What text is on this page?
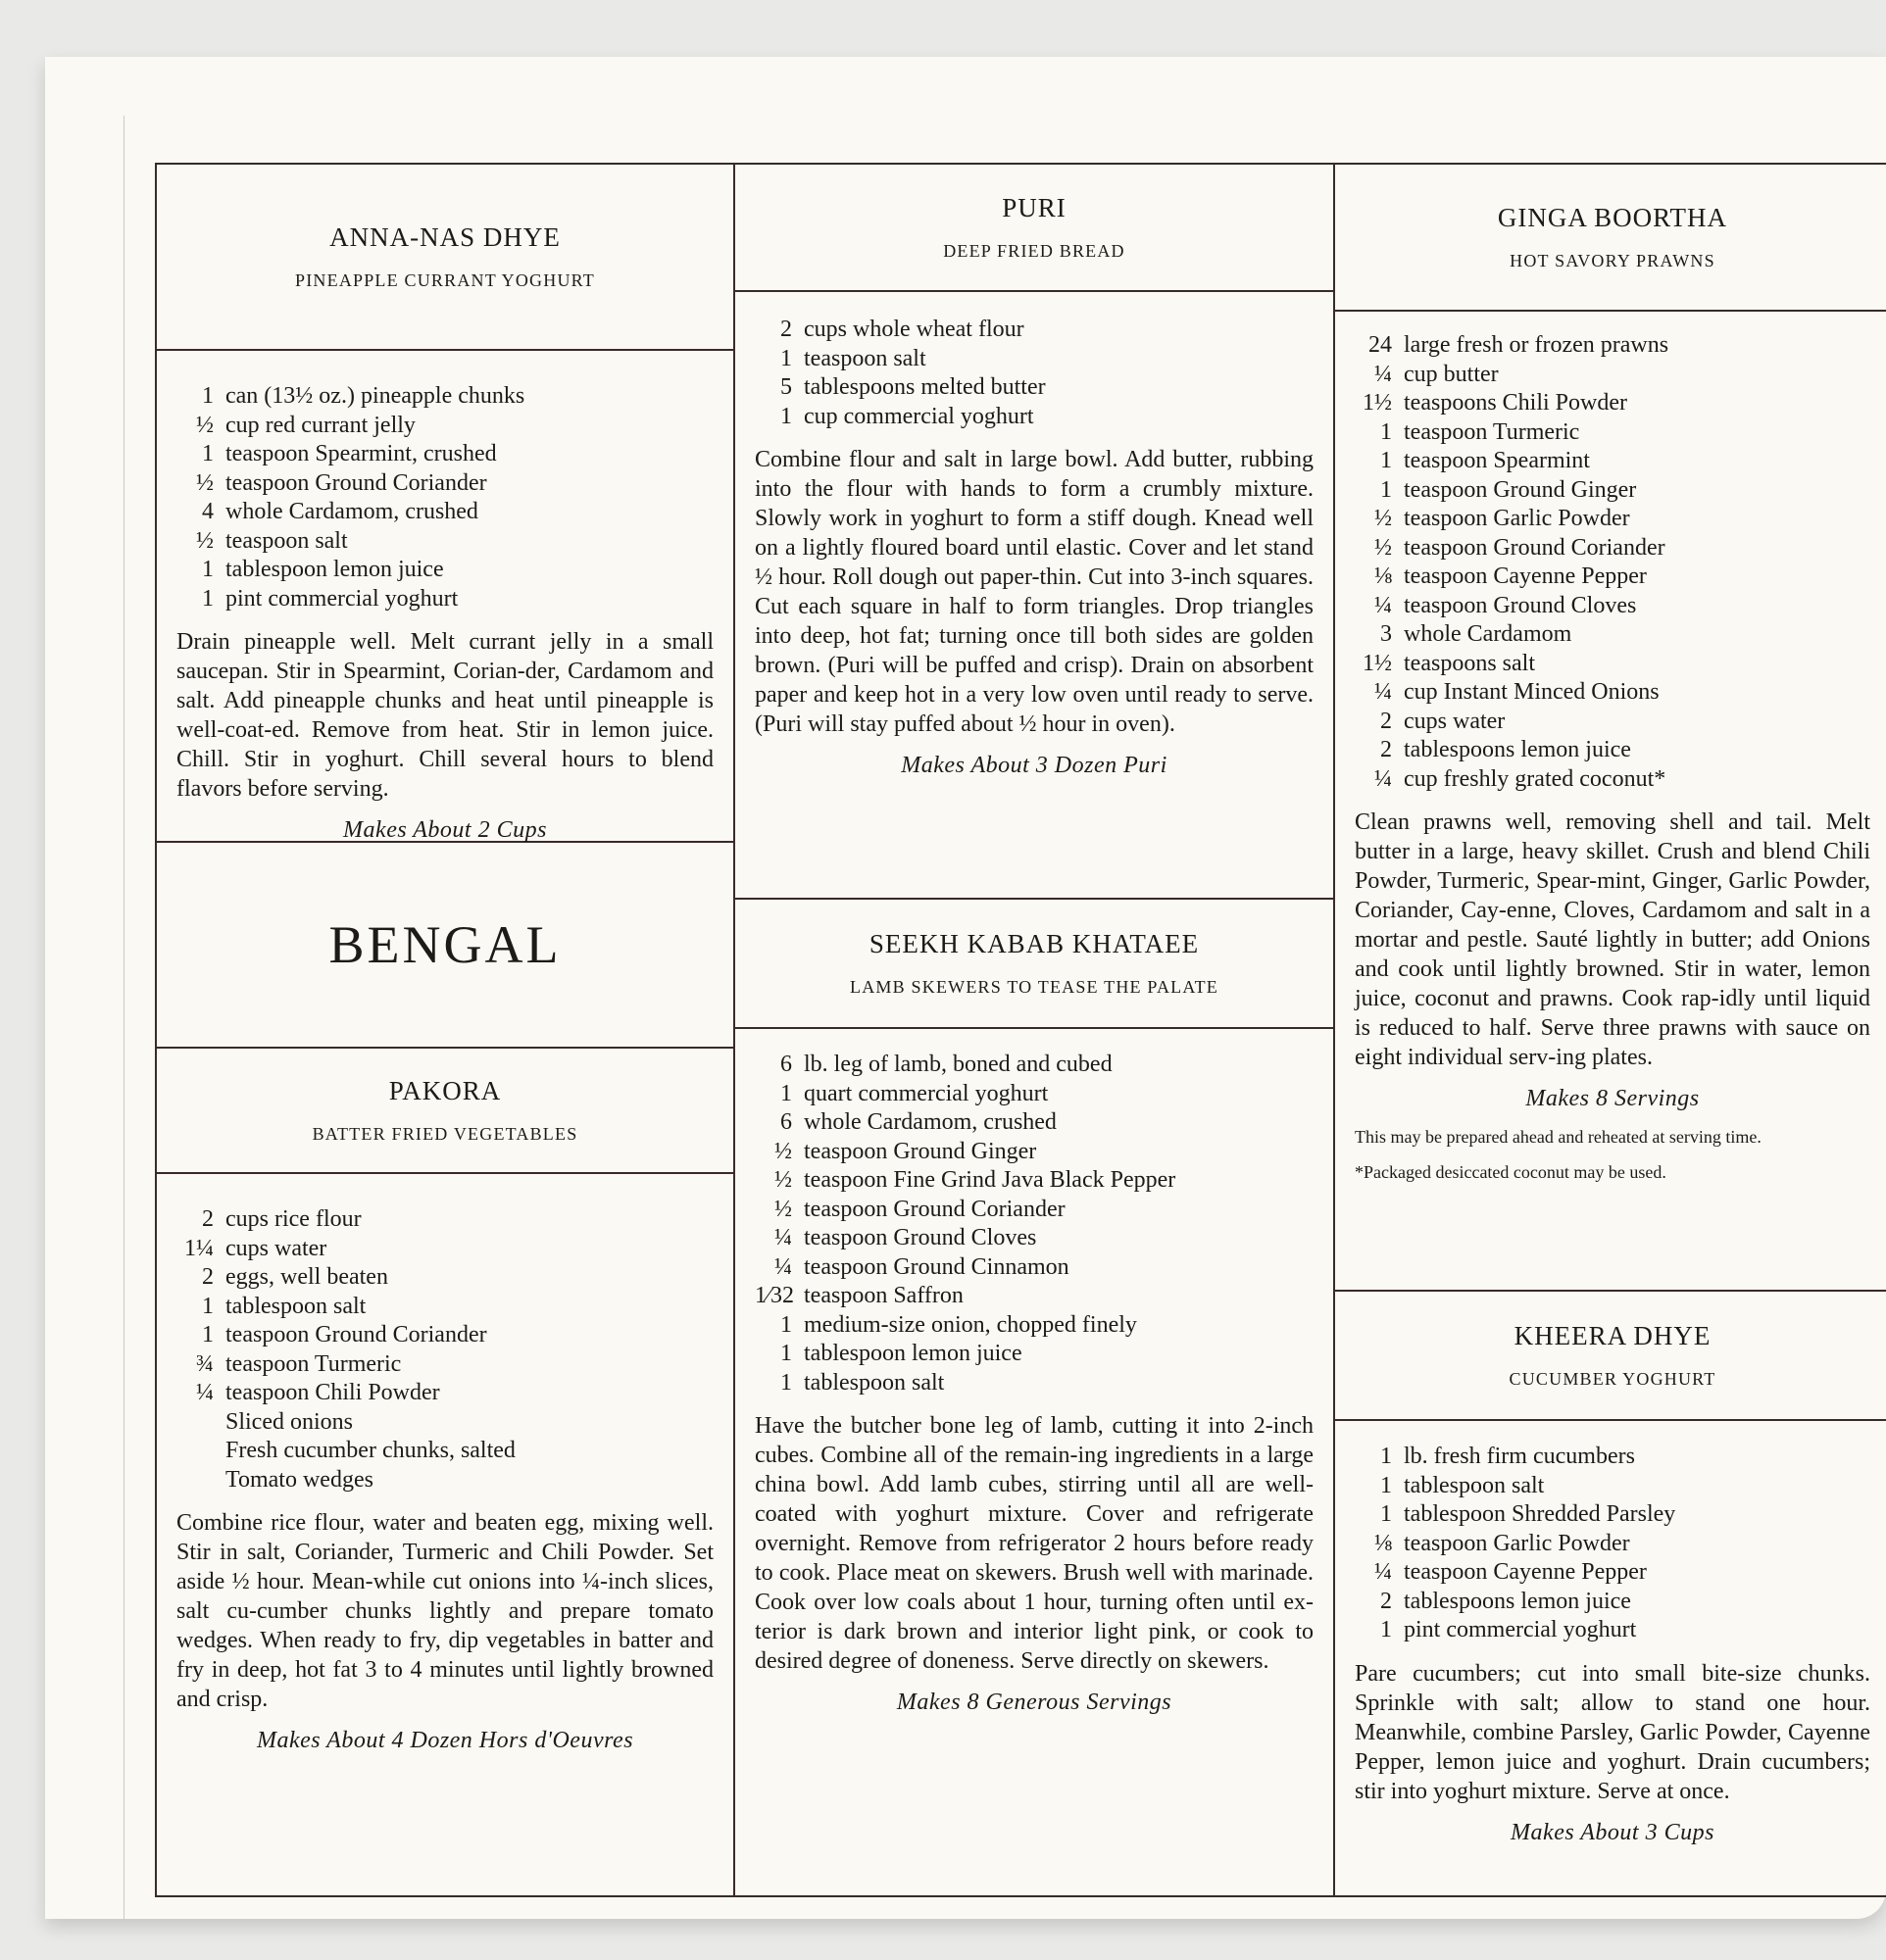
ANNA-NAS DHYE
PINEAPPLE CURRANT YOGHURT
1 can (13½ oz.) pineapple chunks
½ cup red currant jelly
1 teaspoon Spearmint, crushed
½ teaspoon Ground Coriander
4 whole Cardamom, crushed
½ teaspoon salt
1 tablespoon lemon juice
1 pint commercial yoghurt

Drain pineapple well. Melt currant jelly in a small saucepan. Stir in Spearmint, Corian-der, Cardamom and salt. Add pineapple chunks and heat until pineapple is well-coat-ed. Remove from heat. Stir in lemon juice. Chill. Stir in yoghurt. Chill several hours to blend flavors before serving.

Makes About 2 Cups

BENGAL
PAKORA
BATTER FRIED VEGETABLES
2 cups rice flour
1¼ cups water
2 eggs, well beaten
1 tablespoon salt
1 teaspoon Ground Coriander
¾ teaspoon Turmeric
¼ teaspoon Chili Powder
Sliced onions
Fresh cucumber chunks, salted
Tomato wedges

Combine rice flour, water and beaten egg, mixing well. Stir in salt, Coriander, Turmeric and Chili Powder. Set aside ½ hour. Mean-while cut onions into ¼-inch slices, salt cu-cumber chunks lightly and prepare tomato wedges. When ready to fry, dip vegetables in batter and fry in deep, hot fat 3 to 4 minutes until lightly browned and crisp.

Makes About 4 Dozen Hors d'Oeuvres

PURI
DEEP FRIED BREAD
2 cups whole wheat flour
1 teaspoon salt
5 tablespoons melted butter
1 cup commercial yoghurt

Combine flour and salt in large bowl. Add butter, rubbing into the flour with hands to form a crumbly mixture. Slowly work in yoghurt to form a stiff dough. Knead well on a lightly floured board until elastic. Cover and let stand ½ hour. Roll dough out paper-thin. Cut into 3-inch squares. Cut each square in half to form triangles. Drop triangles into deep, hot fat; turning once till both sides are golden brown. (Puri will be puffed and crisp). Drain on absorbent paper and keep hot in a very low oven until ready to serve. (Puri will stay puffed about ½ hour in oven).

Makes About 3 Dozen Puri

SEEKH KABAB KHATAEE
LAMB SKEWERS TO TEASE THE PALATE
6 lb. leg of lamb, boned and cubed
1 quart commercial yoghurt
6 whole Cardamom, crushed
½ teaspoon Ground Ginger
½ teaspoon Fine Grind Java Black Pepper
½ teaspoon Ground Coriander
¼ teaspoon Ground Cloves
¼ teaspoon Ground Cinnamon
1⁄32 teaspoon Saffron
1 medium-size onion, chopped finely
1 tablespoon lemon juice
1 tablespoon salt

Have the butcher bone leg of lamb, cutting it into 2-inch cubes. Combine all of the remain-ing ingredients in a large china bowl. Add lamb cubes, stirring until all are well-coated with yoghurt mixture. Cover and refrigerate overnight. Remove from refrigerator 2 hours before ready to cook. Place meat on skewers. Brush well with marinade. Cook over low coals about 1 hour, turning often until ex-terior is dark brown and interior light pink, or cook to desired degree of doneness. Serve directly on skewers.

Makes 8 Generous Servings

GINGA BOORTHA
HOT SAVORY PRAWNS
24 large fresh or frozen prawns
¼ cup butter
1½ teaspoons Chili Powder
1 teaspoon Turmeric
1 teaspoon Spearmint
1 teaspoon Ground Ginger
½ teaspoon Garlic Powder
½ teaspoon Ground Coriander
⅛ teaspoon Cayenne Pepper
¼ teaspoon Ground Cloves
3 whole Cardamom
1½ teaspoons salt
¼ cup Instant Minced Onions
2 cups water
2 tablespoons lemon juice
¼ cup freshly grated coconut*

Clean prawns well, removing shell and tail. Melt butter in a large, heavy skillet. Crush and blend Chili Powder, Turmeric, Spear-mint, Ginger, Garlic Powder, Coriander, Cay-enne, Cloves, Cardamom and salt in a mortar and pestle. Sauté lightly in butter; add Onions and cook until lightly browned. Stir in water, lemon juice, coconut and prawns. Cook rap-idly until liquid is reduced to half. Serve three prawns with sauce on eight individual serv-ing plates.

Makes 8 Servings

This may be prepared ahead and reheated at serving time.

*Packaged desiccated coconut may be used.

KHEERA DHYE
CUCUMBER YOGHURT
1 lb. fresh firm cucumbers
1 tablespoon salt
1 tablespoon Shredded Parsley
⅛ teaspoon Garlic Powder
¼ teaspoon Cayenne Pepper
2 tablespoons lemon juice
1 pint commercial yoghurt

Pare cucumbers; cut into small bite-size chunks. Sprinkle with salt; allow to stand one hour. Meanwhile, combine Parsley, Garlic Powder, Cayenne Pepper, lemon juice and yoghurt. Drain cucumbers; stir into yoghurt mixture. Serve at once.

Makes About 3 Cups
